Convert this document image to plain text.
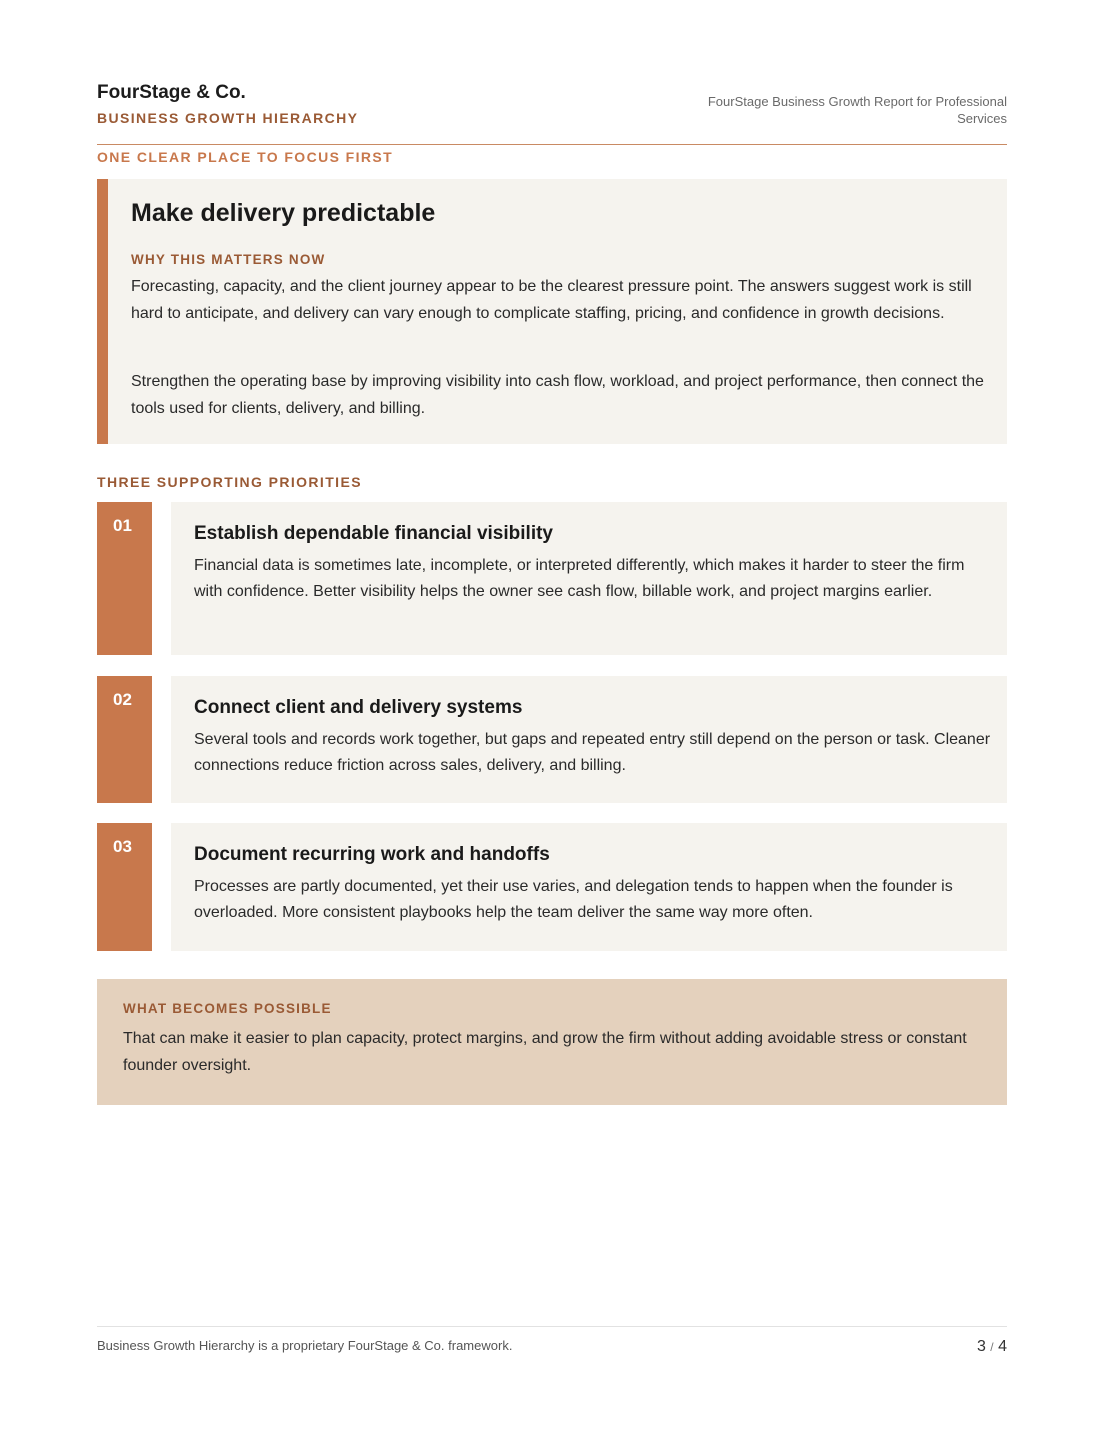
FourStage & Co.
BUSINESS GROWTH HIERARCHY
FourStage Business Growth Report for Professional Services
ONE CLEAR PLACE TO FOCUS FIRST
Make delivery predictable
WHY THIS MATTERS NOW

Forecasting, capacity, and the client journey appear to be the clearest pressure point. The answers suggest work is still hard to anticipate, and delivery can vary enough to complicate staffing, pricing, and confidence in growth decisions.

Strengthen the operating base by improving visibility into cash flow, workload, and project performance, then connect the tools used for clients, delivery, and billing.

THREE SUPPORTING PRIORITIES
01	Establish dependable financial visibility

Financial data is sometimes late, incomplete, or interpreted differently, which makes it harder to steer the firm with confidence. Better visibility helps the owner see cash flow, billable work, and project margins earlier.

02	Connect client and delivery systems

Several tools and records work together, but gaps and repeated entry still depend on the person or task. Cleaner connections reduce friction across sales, delivery, and billing.

03	Document recurring work and handoffs

Processes are partly documented, yet their use varies, and delegation tends to happen when the founder is overloaded. More consistent playbooks help the team deliver the same way more often.

WHAT BECOMES POSSIBLE

That can make it easier to plan capacity, protect margins, and grow the firm without adding avoidable stress or constant founder oversight.

Business Growth Hierarchy is a proprietary FourStage & Co. framework.	3 / 4
